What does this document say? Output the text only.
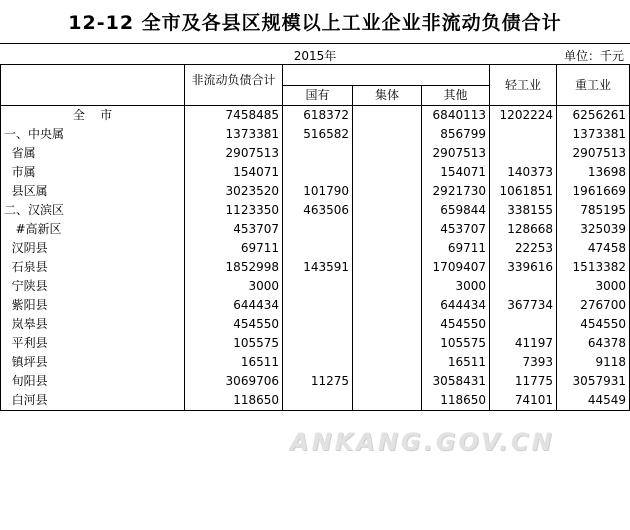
12-12 全市及各县区规模以上工业企业非流动负债合计
2015年	单位：千元
	非流动负债合计				轻工业	重工业
		国有	集体	其他		
全    市	7458485	618372		6840113	1202224	6256261
一、中央属	1373381	516582		856799		1373381
省属	2907513			2907513		2907513
市属	154071			154071	140373	13698
县区属	3023520	101790		2921730	1061851	1961669
二、汉滨区	1123350	463506		659844	338155	785195
#高新区	453707			453707	128668	325039
汉阴县	69711			69711	22253	47458
石泉县	1852998	143591		1709407	339616	1513382
宁陕县	3000			3000		3000
紫阳县	644434			644434	367734	276700
岚皋县	454550			454550		454550
平利县	105575			105575	41197	64378
镇坪县	16511			16511	7393	9118
旬阳县	3069706	11275		3058431	11775	3057931
白河县	118650			118650	74101	44549
ANKANG.GOV.CN
